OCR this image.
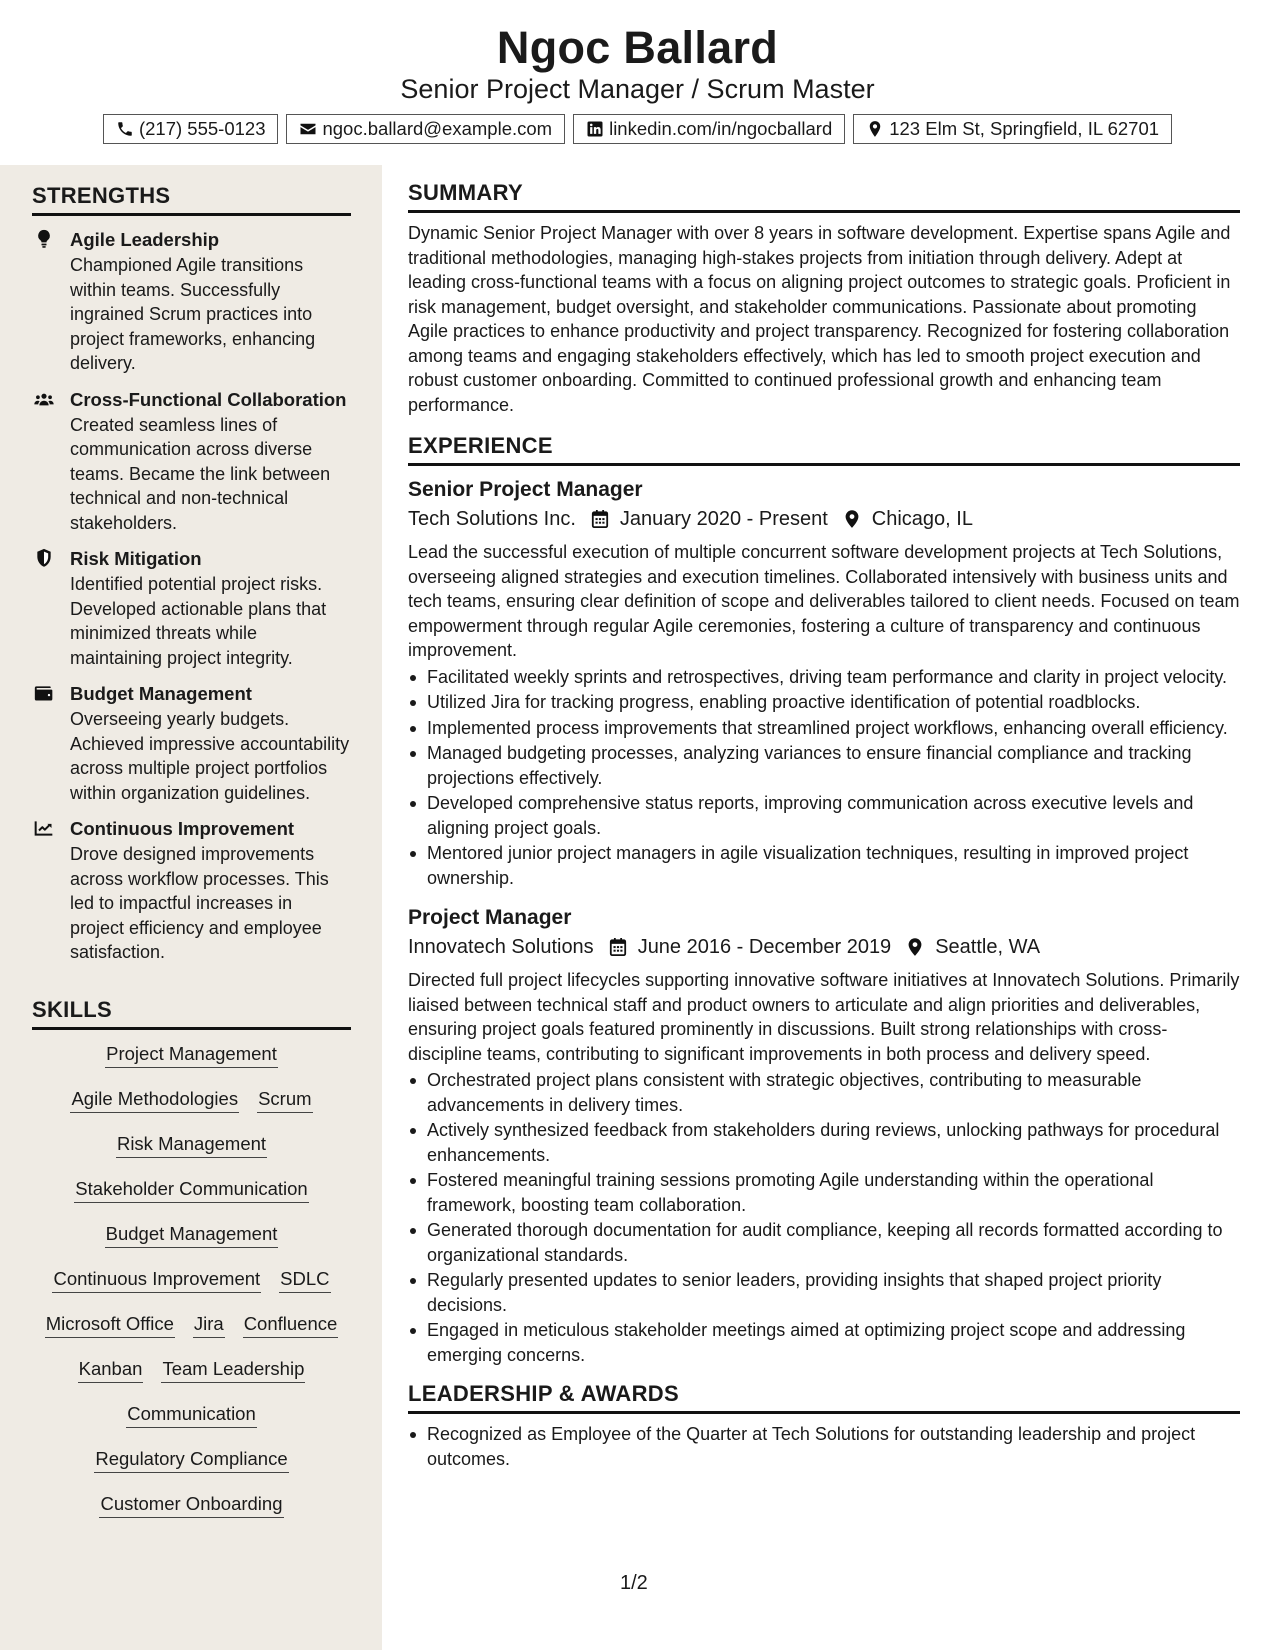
Ngoc Ballard
Senior Project Manager / Scrum Master
(217) 555-0123	ngoc.ballard@example.com	linkedin.com/in/ngocballard	123 Elm St, Springfield, IL 62701
STRENGTHS
Agile Leadership
Championed Agile transitions within teams. Successfully ingrained Scrum practices into project frameworks, enhancing delivery.
Cross-Functional Collaboration
Created seamless lines of communication across diverse teams. Became the link between technical and non-technical stakeholders.
Risk Mitigation
Identified potential project risks. Developed actionable plans that minimized threats while maintaining project integrity.
Budget Management
Overseeing yearly budgets. Achieved impressive accountability across multiple project portfolios within organization guidelines.
Continuous Improvement
Drove designed improvements across workflow processes. This led to impactful increases in project efficiency and employee satisfaction.
SKILLS
Project Management
Agile Methodologies Scrum
Risk Management
Stakeholder Communication
Budget Management
Continuous Improvement SDLC
Microsoft Office Jira Confluence
Kanban Team Leadership
Communication
Regulatory Compliance
Customer Onboarding
SUMMARY

Dynamic Senior Project Manager with over 8 years in software development. Expertise spans Agile and traditional methodologies, managing high-stakes projects from initiation through delivery. Adept at leading cross-functional teams with a focus on aligning project outcomes to strategic goals. Proficient in risk management, budget oversight, and stakeholder communications. Passionate about promoting Agile practices to enhance productivity and project transparency. Recognized for fostering collaboration among teams and engaging stakeholders effectively, which has led to smooth project execution and robust customer onboarding. Committed to continued professional growth and enhancing team performance.

EXPERIENCE
Senior Project Manager
Tech Solutions Inc. January 2020 - Present Chicago, IL

Lead the successful execution of multiple concurrent software development projects at Tech Solutions, overseeing aligned strategies and execution timelines. Collaborated intensively with business units and tech teams, ensuring clear definition of scope and deliverables tailored to client needs. Focused on team empowerment through regular Agile ceremonies, fostering a culture of transparency and continuous improvement.

Facilitated weekly sprints and retrospectives, driving team performance and clarity in project velocity.
Utilized Jira for tracking progress, enabling proactive identification of potential roadblocks.
Implemented process improvements that streamlined project workflows, enhancing overall efficiency.
Managed budgeting processes, analyzing variances to ensure financial compliance and tracking projections effectively.
Developed comprehensive status reports, improving communication across executive levels and aligning project goals.
Mentored junior project managers in agile visualization techniques, resulting in improved project ownership.
Project Manager
Innovatech Solutions June 2016 - December 2019 Seattle, WA

Directed full project lifecycles supporting innovative software initiatives at Innovatech Solutions. Primarily liaised between technical staff and product owners to articulate and align priorities and deliverables, ensuring project goals featured prominently in discussions. Built strong relationships with cross-discipline teams, contributing to significant improvements in both process and delivery speed.

Orchestrated project plans consistent with strategic objectives, contributing to measurable advancements in delivery times.
Actively synthesized feedback from stakeholders during reviews, unlocking pathways for procedural enhancements.
Fostered meaningful training sessions promoting Agile understanding within the operational framework, boosting team collaboration.
Generated thorough documentation for audit compliance, keeping all records formatted according to organizational standards.
Regularly presented updates to senior leaders, providing insights that shaped project priority decisions.
Engaged in meticulous stakeholder meetings aimed at optimizing project scope and addressing emerging concerns.
LEADERSHIP & AWARDS
Recognized as Employee of the Quarter at Tech Solutions for outstanding leadership and project outcomes.
1/2
